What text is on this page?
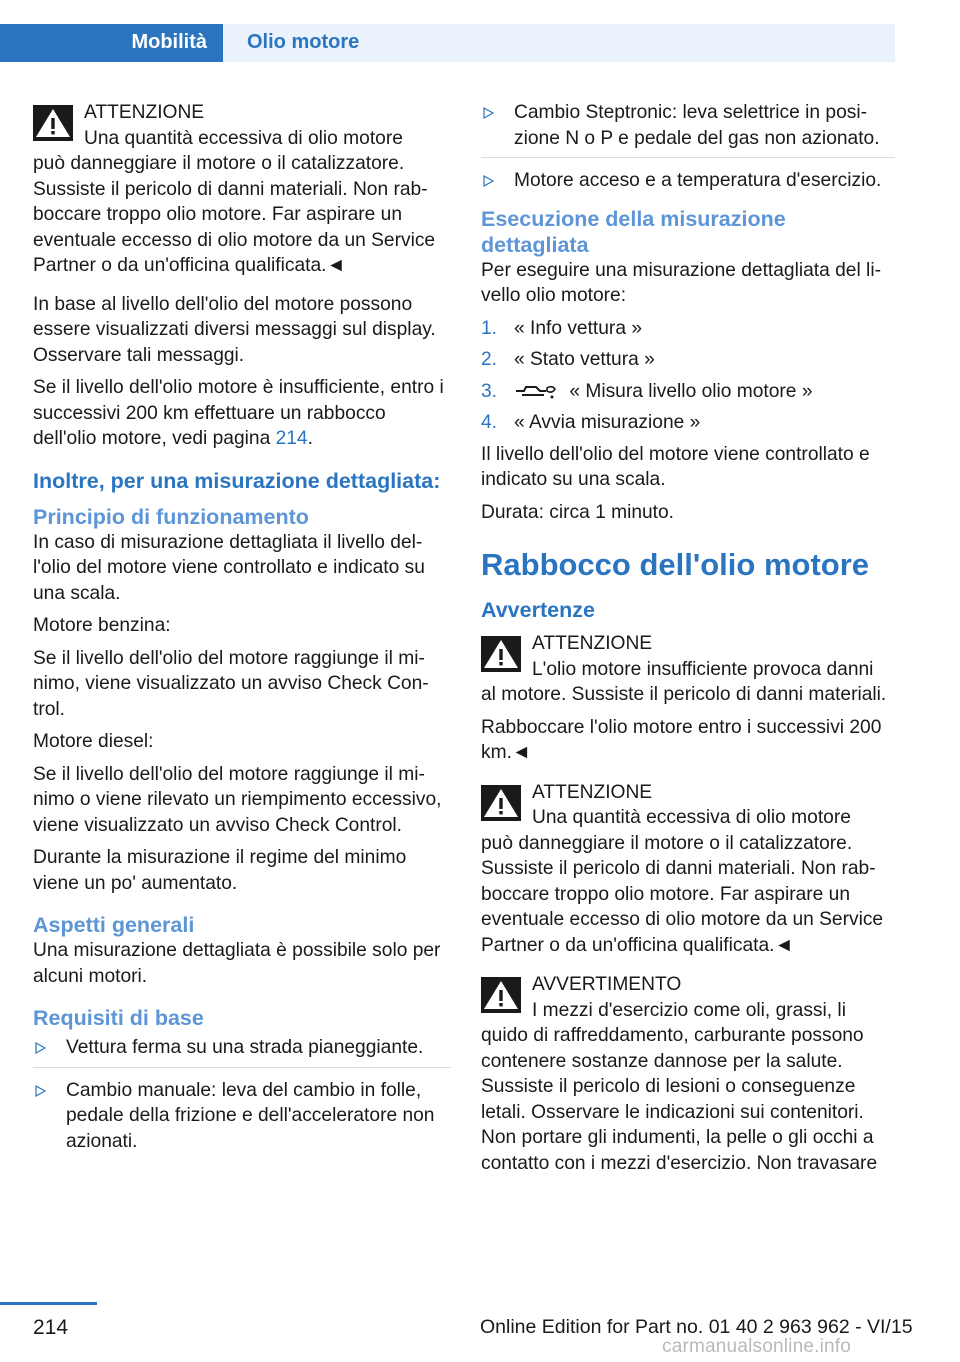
Mobilità	Olio motore
ATTENZIONE
Una quantità eccessiva di olio motore
può danneggiare il motore o il catalizzatore. Sussiste il pericolo di danni materiali. Non rabboccare troppo olio motore. Far aspirare un eventuale eccesso di olio motore da un Service Partner o da un'officina qualificata.◄

In base al livello dell'olio del motore possono essere visualizzati diversi messaggi sul display. Osservare tali messaggi.

Se il livello dell'olio motore è insufficiente, entro i successivi 200 km effettuare un rabbocco dell'olio motore, vedi pagina 214.

Inoltre, per una misurazione dettagliata:
Principio di funzionamento

In caso di misurazione dettagliata il livello dell'olio del motore viene controllato e indicato su una scala.

Motore benzina:

Se il livello dell'olio del motore raggiunge il minimo, viene visualizzato un avviso Check Control.

Motore diesel:

Se il livello dell'olio del motore raggiunge il minimo o viene rilevato un riempimento eccessivo, viene visualizzato un avviso Check Control.

Durante la misurazione il regime del minimo viene un po' aumentato.

Aspetti generali

Una misurazione dettagliata è possibile solo per alcuni motori.

Requisiti di base
Vettura ferma su una strada pianeggiante.
Cambio manuale: leva del cambio in folle, pedale della frizione e dell'acceleratore non azionati.
Cambio Steptronic: leva selettrice in posizione N o P e pedale del gas non azionato.
Motore acceso e a temperatura d'esercizio.
Esecuzione della misurazione dettagliata

Per eseguire una misurazione dettagliata del livello olio motore:

1. « Info vettura »
2. « Stato vettura »
3.	« Misura livello olio motore »
4. « Avvia misurazione »

Il livello dell'olio del motore viene controllato e indicato su una scala.

Durata: circa 1 minuto.

Rabbocco dell'olio motore
Avvertenze
ATTENZIONE
L'olio motore insufficiente provoca danni
al motore. Sussiste il pericolo di danni materiali.

Rabboccare l'olio motore entro i successivi 200 km.◄

ATTENZIONE
Una quantità eccessiva di olio motore
può danneggiare il motore o il catalizzatore. Sussiste il pericolo di danni materiali. Non rabboccare troppo olio motore. Far aspirare un eventuale eccesso di olio motore da un Service Partner o da un'officina qualificata.◄
AVVERTIMENTO
I mezzi d'esercizio come oli, grassi, li
quido di raffreddamento, carburante possono contenere sostanze dannose per la salute. Sussiste il pericolo di lesioni o conseguenze letali. Osservare le indicazioni sui contenitori. Non portare gli indumenti, la pelle o gli occhi a contatto con i mezzi d'esercizio. Non travasare
214	Online Edition for Part no. 01 40 2 963 962 - VI/15
carmanualsonline.info
